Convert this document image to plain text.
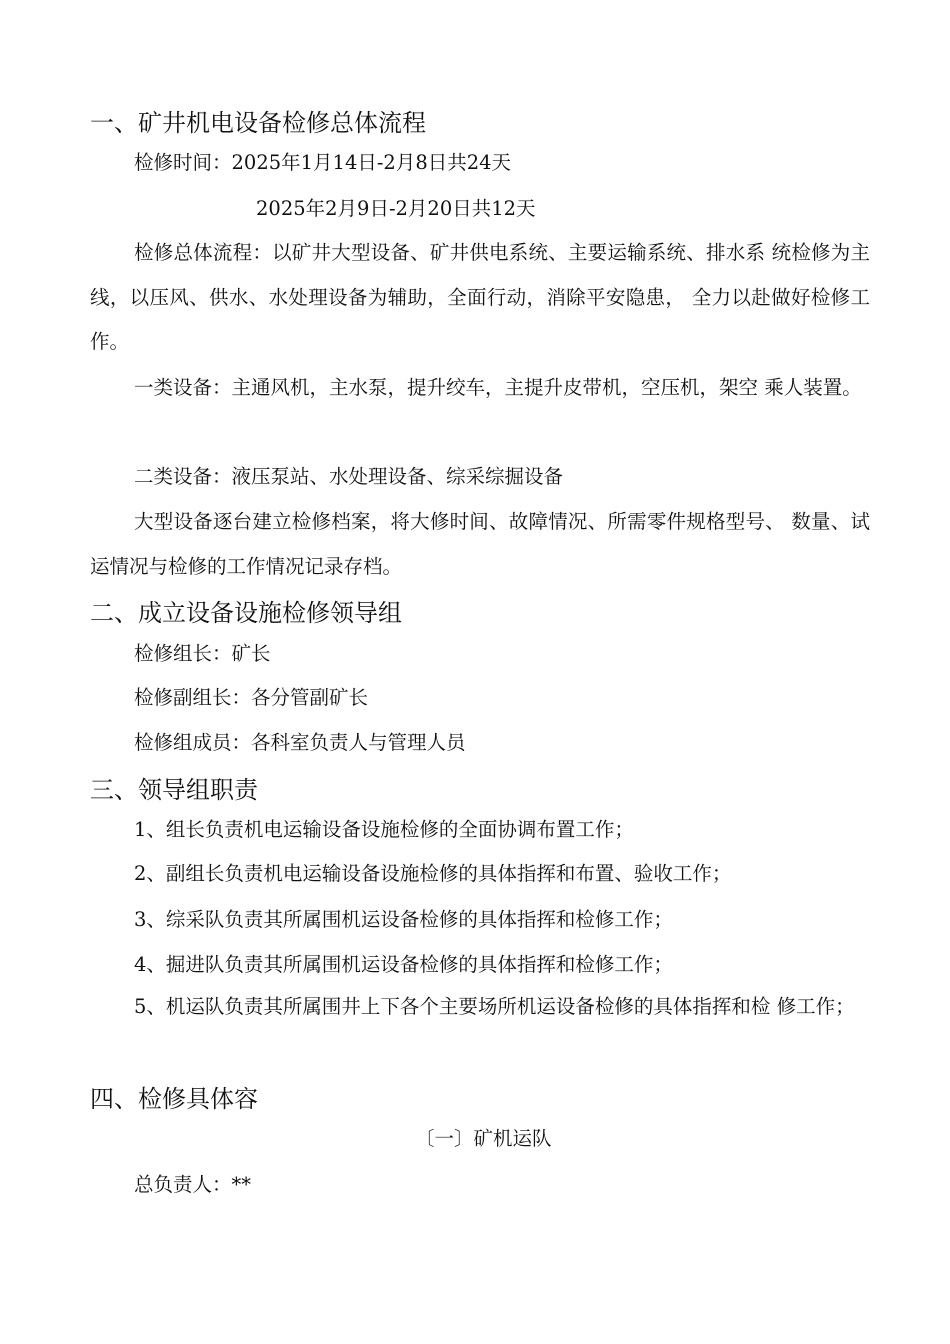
一、矿井机电设备检修总体流程
检修时间：2025年1月14日-2月8日共24天
2025年2月9日-2月20日共12天
检修总体流程：以矿井大型设备、矿井供电系统、主要运输系统、排水系 统检修为主线，以压风、供水、水处理设备为辅助，全面行动，消除平安隐患， 全力以赴做好检修工作。
一类设备：主通风机，主水泵，提升绞车，主提升皮带机，空压机，架空 乘人装置。
二类设备：液压泵站、水处理设备、综采综掘设备
大型设备逐台建立检修档案，将大修时间、故障情况、所需零件规格型号、 数量、试运情况与检修的工作情况记录存档。
二、成立设备设施检修领导组
检修组长：矿长
检修副组长：各分管副矿长
检修组成员：各科室负责人与管理人员
三、领导组职责
1、组长负责机电运输设备设施检修的全面协调布置工作；
2、副组长负责机电运输设备设施检修的具体指挥和布置、验收工作；
3、综采队负责其所属围机运设备检修的具体指挥和检修工作；
4、掘进队负责其所属围机运设备检修的具体指挥和检修工作；
5、机运队负责其所属围井上下各个主要场所机运设备检修的具体指挥和检 修工作；
四、检修具体容
〔一〕矿机运队
总负责人：**
